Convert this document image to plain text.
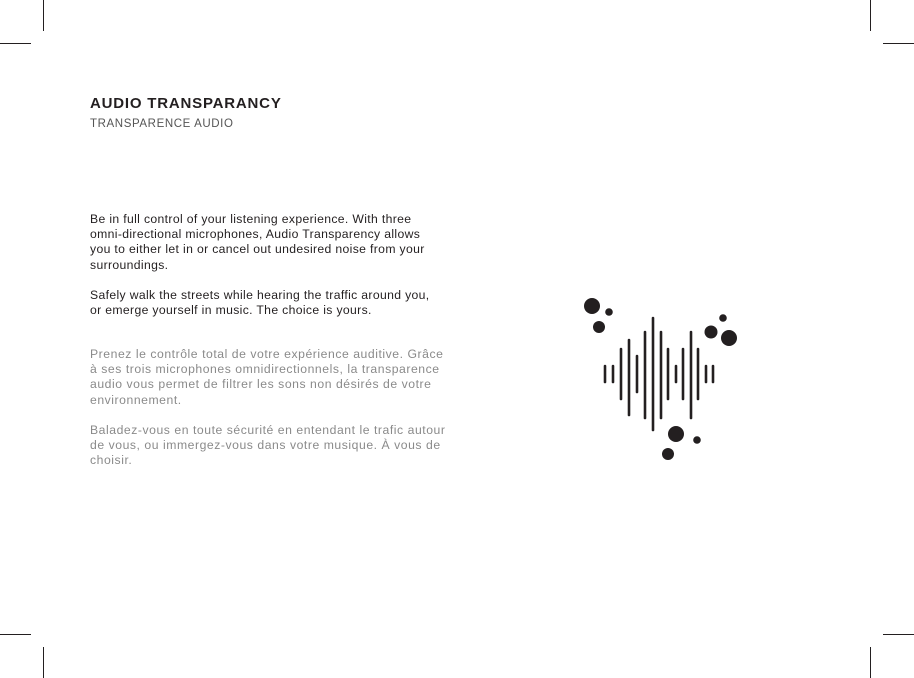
AUDIO TRANSPARANCY
TRANSPARENCE AUDIO

Be in full control of your listening experience. With three
omni-directional microphones, Audio Transparency allows
you to either let in or cancel out undesired noise from your
surroundings.

Safely walk the streets while hearing the traffic around you,
or emerge yourself in music. The choice is yours.

Prenez le contrôle total de votre expérience auditive. Grâce
à ses trois microphones omnidirectionnels, la transparence
audio vous permet de filtrer les sons non désirés de votre
environnement.

Baladez-vous en toute sécurité en entendant le trafic autour
de vous, ou immergez-vous dans votre musique. À vous de
choisir.
